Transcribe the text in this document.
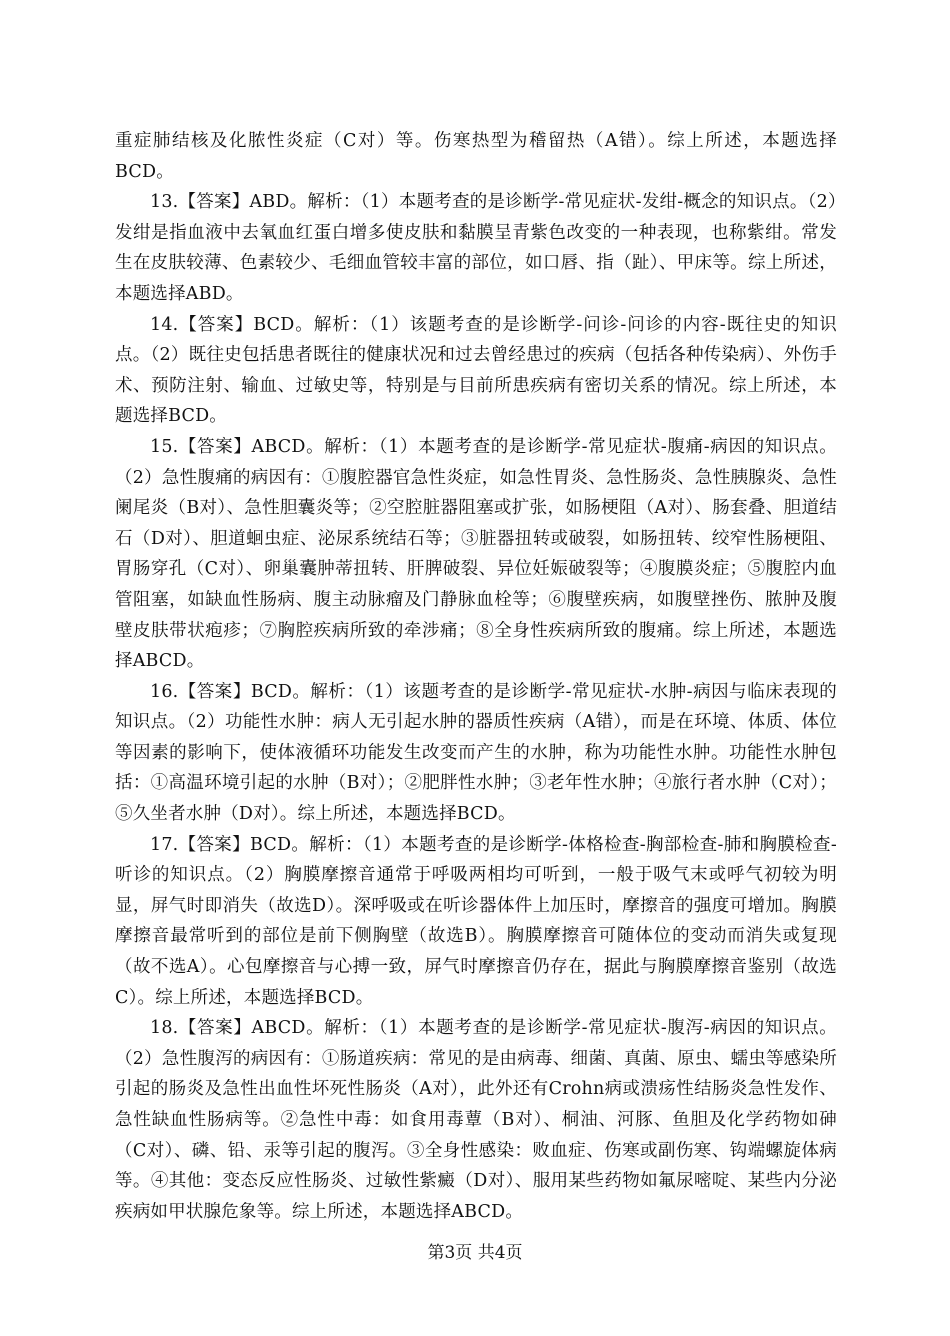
重症肺结核及化脓性炎症（C对）等。伤寒热型为稽留热（A错）。综上所述，本题选择BCD。

13.【答案】ABD。解析：（1）本题考查的是诊断学-常见症状-发绀-概念的知识点。（2）发绀是指血液中去氧血红蛋白增多使皮肤和黏膜呈青紫色改变的一种表现，也称紫绀。常发生在皮肤较薄、色素较少、毛细血管较丰富的部位，如口唇、指（趾）、甲床等。综上所述，本题选择ABD。

14.【答案】BCD。解析：（1）该题考查的是诊断学-问诊-问诊的内容-既往史的知识点。（2）既往史包括患者既往的健康状况和过去曾经患过的疾病（包括各种传染病）、外伤手术、预防注射、输血、过敏史等，特别是与目前所患疾病有密切关系的情况。综上所述，本题选择BCD。

15.【答案】ABCD。解析：（1）本题考查的是诊断学-常见症状-腹痛-病因的知识点。（2）急性腹痛的病因有：①腹腔器官急性炎症，如急性胃炎、急性肠炎、急性胰腺炎、急性阑尾炎（B对）、急性胆囊炎等；②空腔脏器阻塞或扩张，如肠梗阻（A对）、肠套叠、胆道结石（D对）、胆道蛔虫症、泌尿系统结石等；③脏器扭转或破裂，如肠扭转、绞窄性肠梗阻、胃肠穿孔（C对）、卵巢囊肿蒂扭转、肝脾破裂、异位妊娠破裂等；④腹膜炎症；⑤腹腔内血管阻塞，如缺血性肠病、腹主动脉瘤及门静脉血栓等；⑥腹壁疾病，如腹壁挫伤、脓肿及腹壁皮肤带状疱疹；⑦胸腔疾病所致的牵涉痛；⑧全身性疾病所致的腹痛。综上所述，本题选择ABCD。

16.【答案】BCD。解析：（1）该题考查的是诊断学-常见症状-水肿-病因与临床表现的知识点。（2）功能性水肿：病人无引起水肿的器质性疾病（A错），而是在环境、体质、体位等因素的影响下，使体液循环功能发生改变而产生的水肿，称为功能性水肿。功能性水肿包括：①高温环境引起的水肿（B对）；②肥胖性水肿；③老年性水肿；④旅行者水肿（C对）；⑤久坐者水肿（D对）。综上所述，本题选择BCD。

17.【答案】BCD。解析：（1）本题考查的是诊断学-体格检查-胸部检查-肺和胸膜检查-听诊的知识点。（2）胸膜摩擦音通常于呼吸两相均可听到，一般于吸气末或呼气初较为明显，屏气时即消失（故选D）。深呼吸或在听诊器体件上加压时，摩擦音的强度可增加。胸膜摩擦音最常听到的部位是前下侧胸壁（故选B）。胸膜摩擦音可随体位的变动而消失或复现（故不选A）。心包摩擦音与心搏一致，屏气时摩擦音仍存在，据此与胸膜摩擦音鉴别（故选C）。综上所述，本题选择BCD。

18.【答案】ABCD。解析：（1）本题考查的是诊断学-常见症状-腹泻-病因的知识点。（2）急性腹泻的病因有：①肠道疾病：常见的是由病毒、细菌、真菌、原虫、蠕虫等感染所引起的肠炎及急性出血性坏死性肠炎（A对），此外还有Crohn病或溃疡性结肠炎急性发作、急性缺血性肠病等。②急性中毒：如食用毒蕈（B对）、桐油、河豚、鱼胆及化学药物如砷（C对）、磷、铅、汞等引起的腹泻。③全身性感染：败血症、伤寒或副伤寒、钩端螺旋体病等。④其他：变态反应性肠炎、过敏性紫癜（D对）、服用某些药物如氟尿嘧啶、某些内分泌疾病如甲状腺危象等。综上所述，本题选择ABCD。

第3页 共4页
